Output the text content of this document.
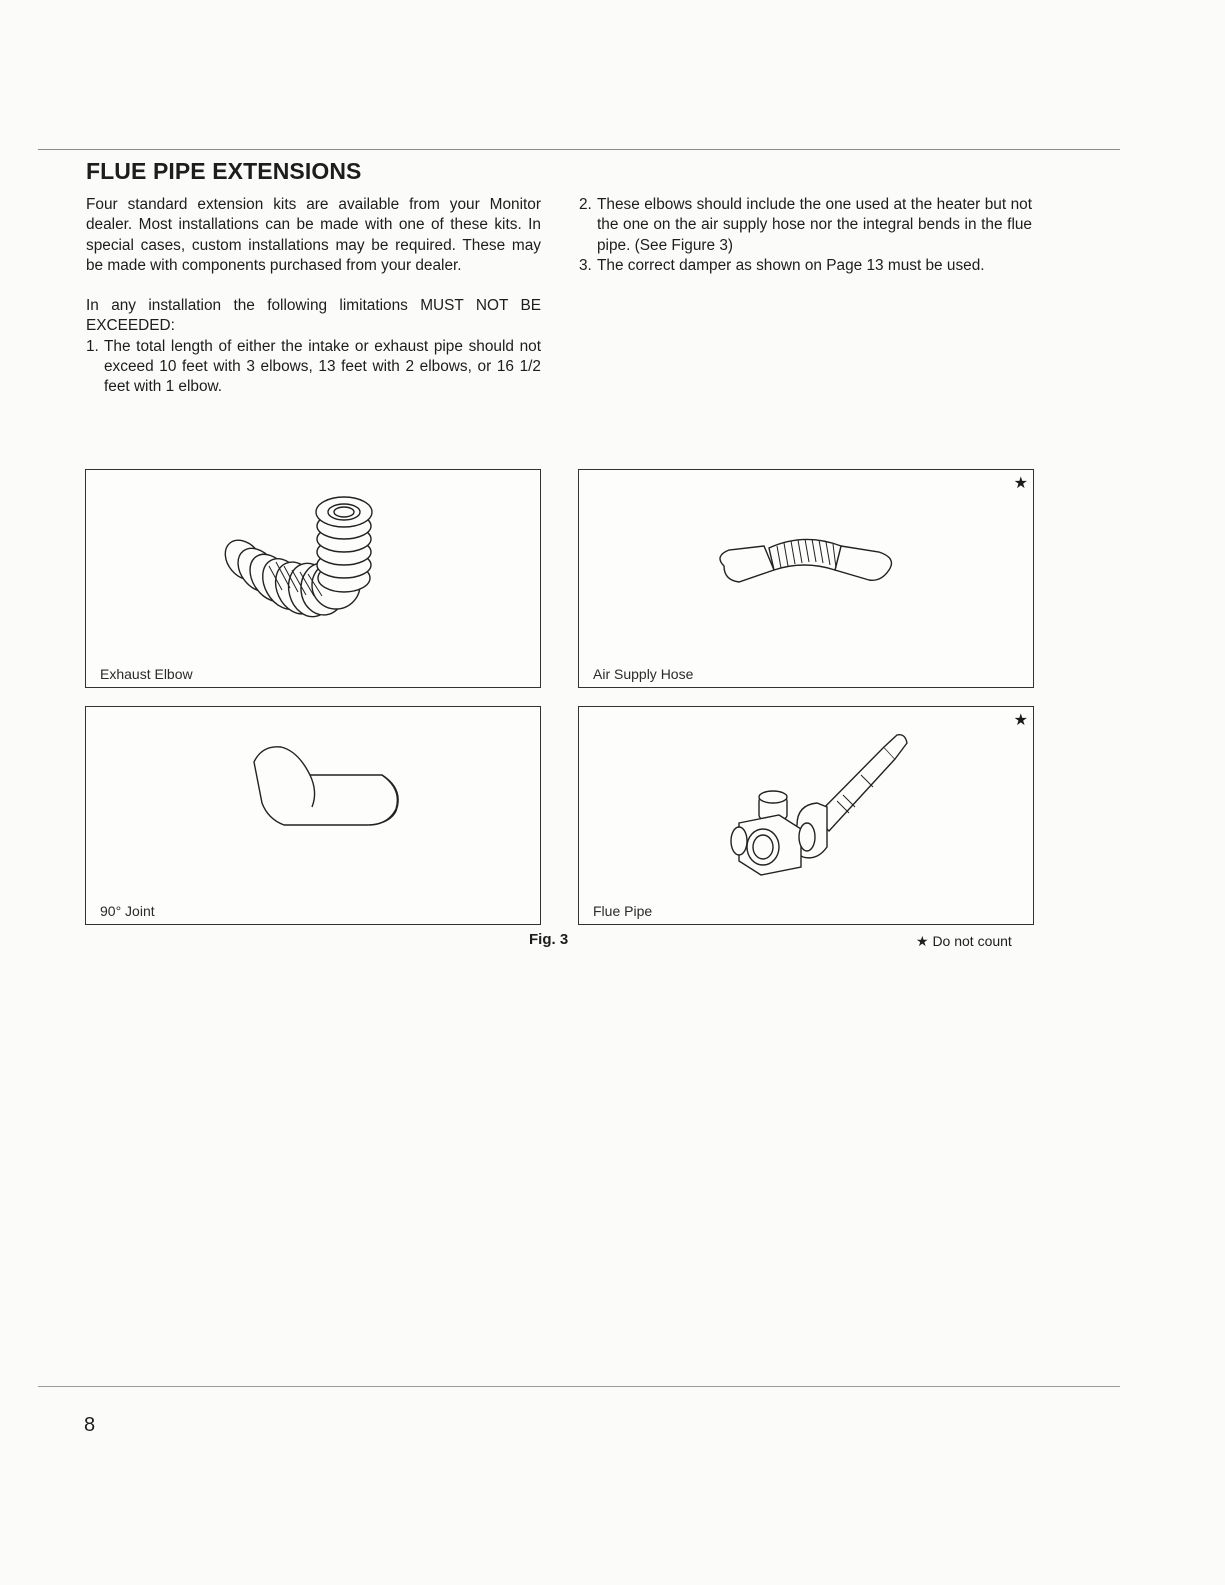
FLUE PIPE EXTENSIONS

Four standard extension kits are available from your Monitor dealer. Most installations can be made with one of these kits. In special cases, custom installations may be required. These may be made with components purchased from your dealer.

In any installation the following limitations MUST NOT BE EXCEEDED:

1. The total length of either the intake or exhaust pipe should not exceed 10 feet with 3 elbows, 13 feet with 2 elbows, or 16 1/2 feet with 1 elbow.
2. These elbows should include the one used at the heater but not the one on the air supply hose nor the integral bends in the flue pipe. (See Figure 3)
3. The correct damper as shown on Page 13 must be used.
Exhaust Elbow
★
Air Supply Hose
90° Joint
★
Flue Pipe
Fig. 3	★ Do not count
8
